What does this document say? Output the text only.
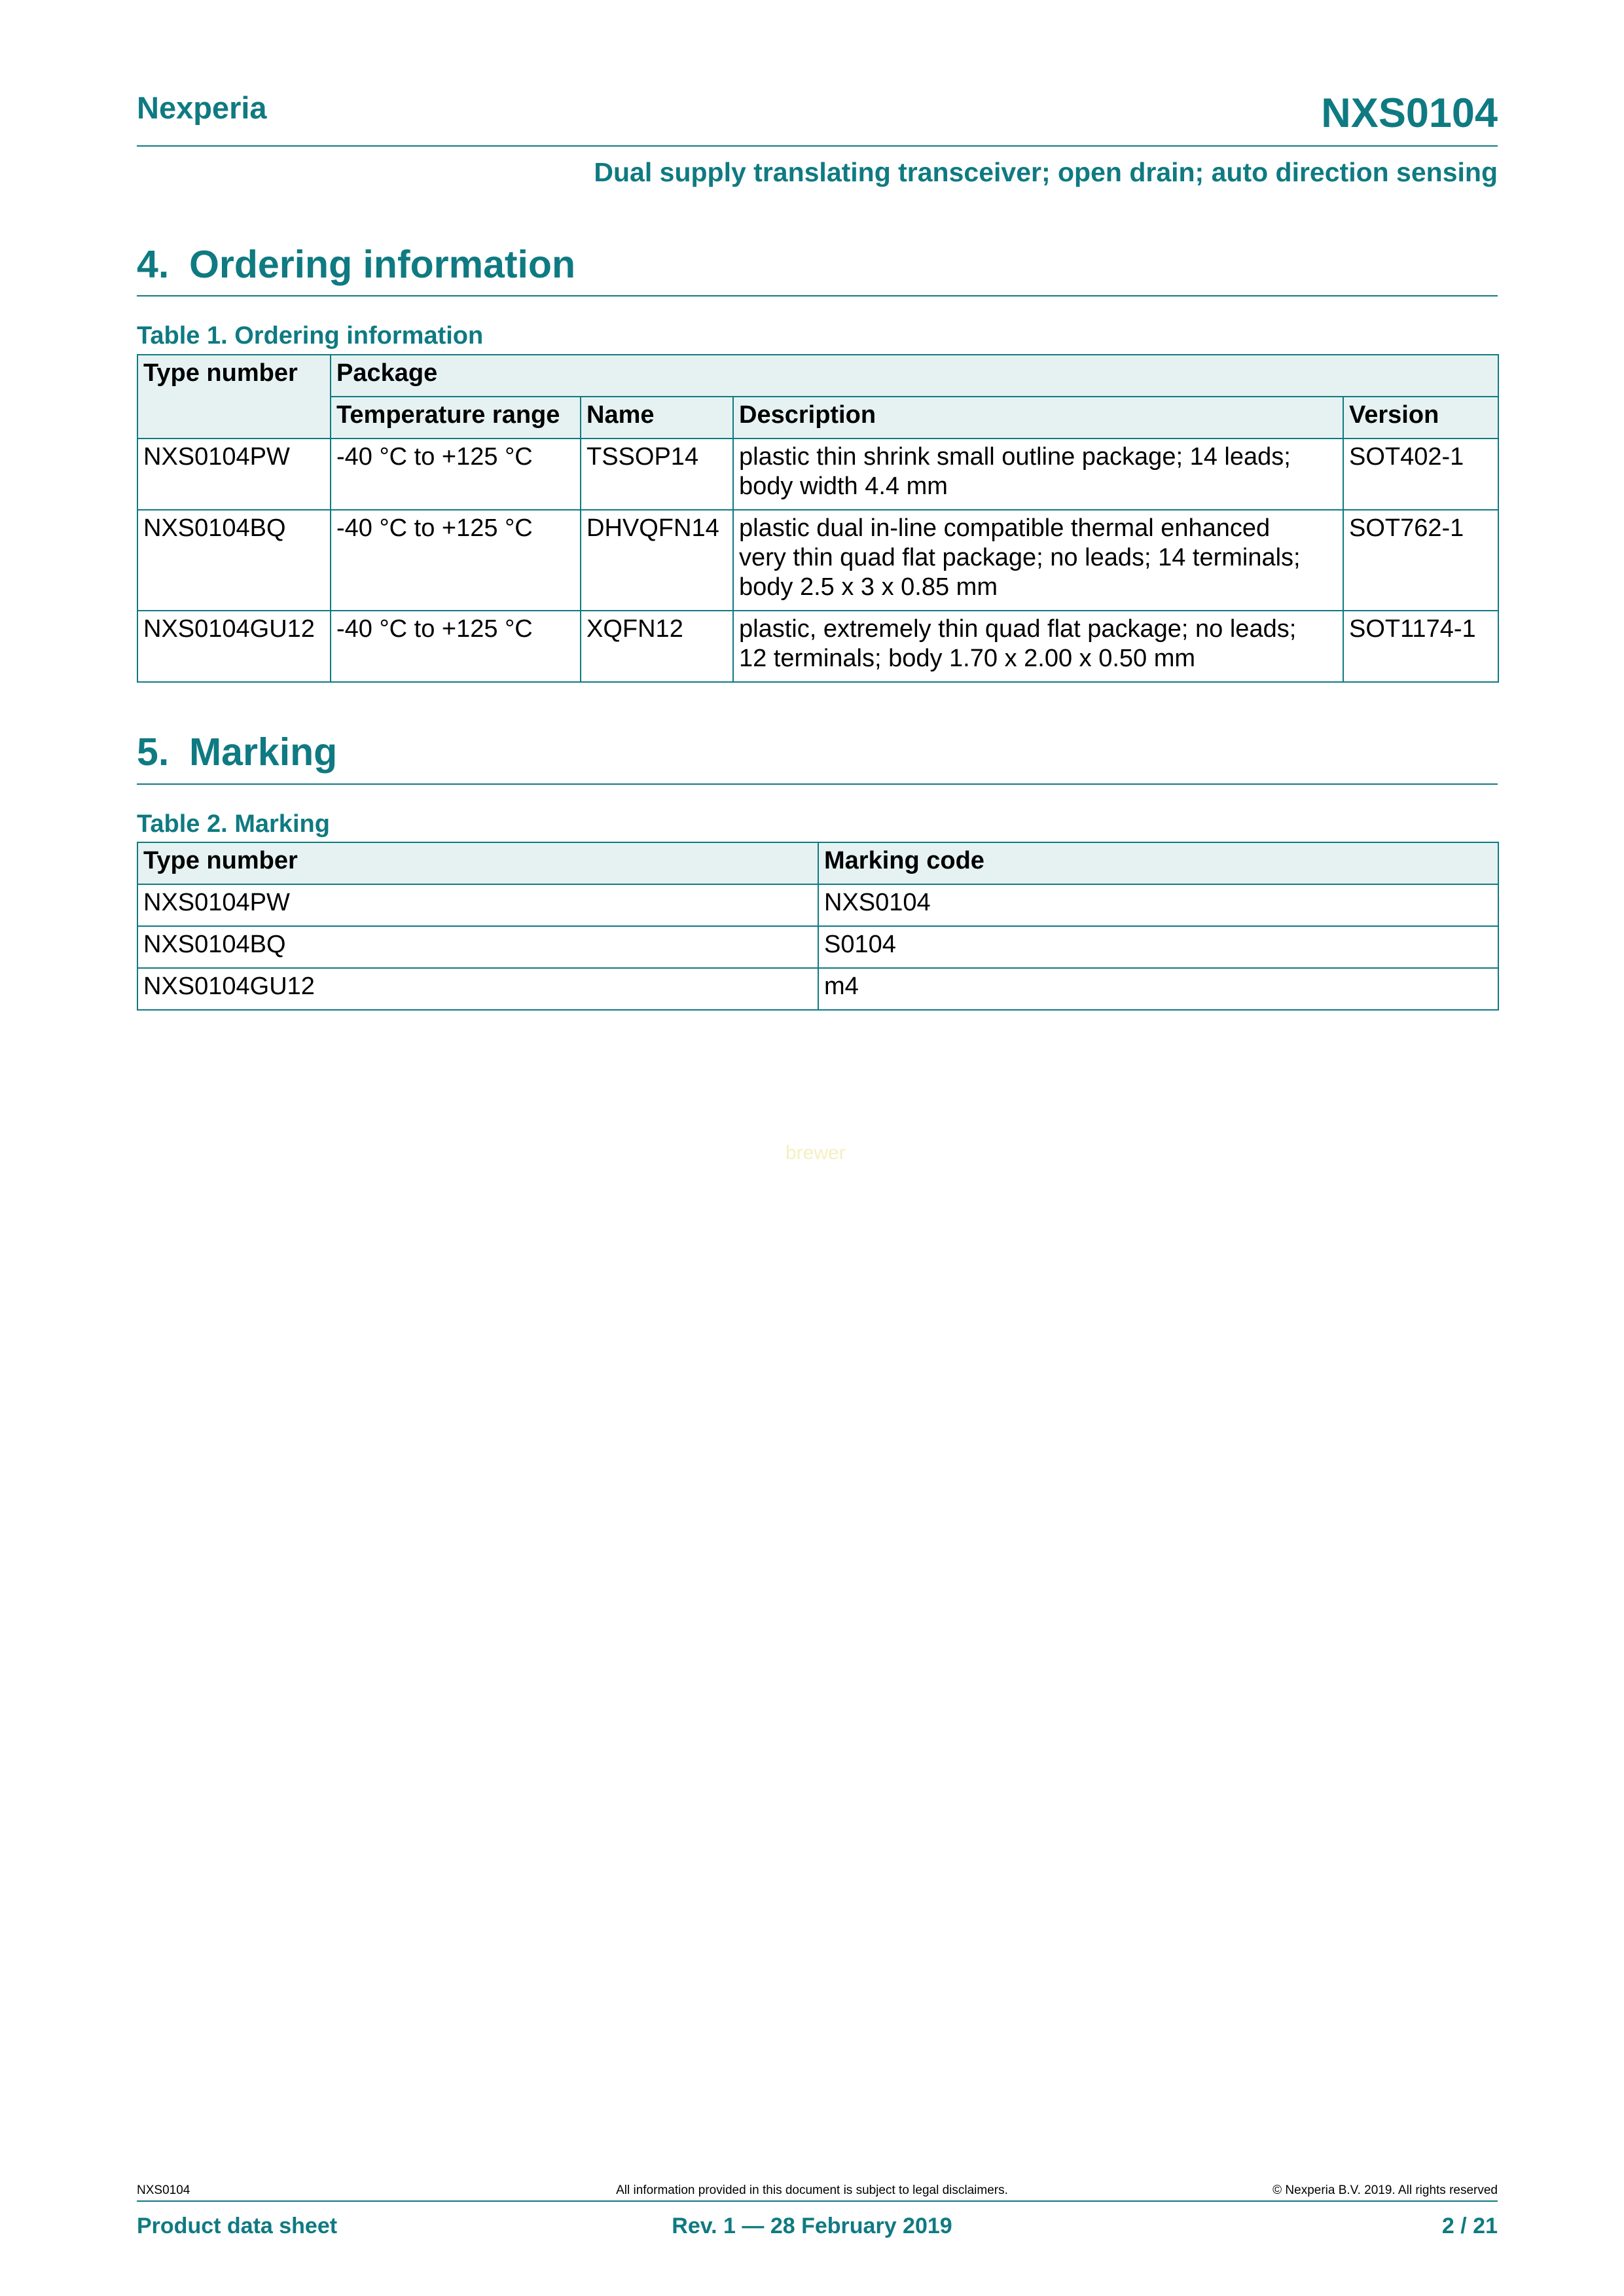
Nexperia	NXS0104
Dual supply translating transceiver; open drain; auto direction sensing
4. Ordering information
Table 1. Ordering information
Type number	Package			
	Temperature range	Name	Description	Version
NXS0104PW	-40 °C to +125 °C	TSSOP14	plastic thin shrink small outline package; 14 leads;
body width 4.4 mm	SOT402-1
NXS0104BQ	-40 °C to +125 °C	DHVQFN14	plastic dual in-line compatible thermal enhanced
very thin quad flat package; no leads; 14 terminals;
body 2.5 x 3 x 0.85 mm	SOT762-1
NXS0104GU12	-40 °C to +125 °C	XQFN12	plastic, extremely thin quad flat package; no leads;
12 terminals; body 1.70 x 2.00 x 0.50 mm	SOT1174-1
5. Marking
Table 2. Marking
Type number	Marking code
NXS0104PW	NXS0104
NXS0104BQ	S0104
NXS0104GU12	m4
brewer
NXS0104	All information provided in this document is subject to legal disclaimers.	© Nexperia B.V. 2019. All rights reserved
Product data sheet	Rev. 1 — 28 February 2019	2 / 21
